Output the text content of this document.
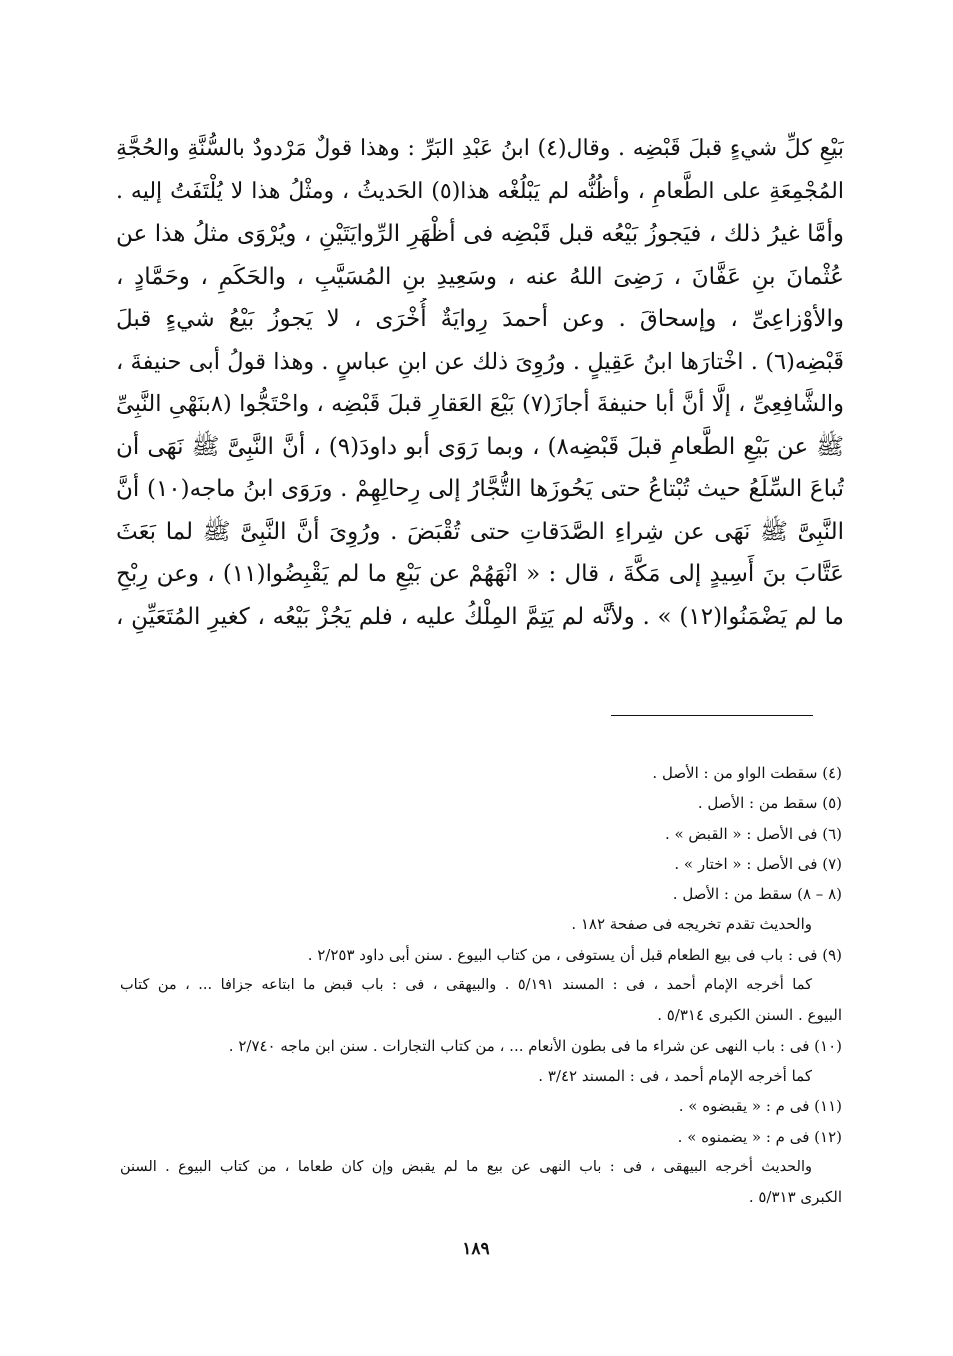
بَيْعِ كلِّ شيءٍ قبلَ قَبْضِه . وقال(٤) ابنُ عَبْدِ البَرِّ : وهذا قولٌ مَرْدودٌ بالسُّنَّةِ والحُجَّةِ
المُجْمِعَةِ على الطَّعامِ ، وأظُنُّه لم يَبْلُغْه هذا(٥) الحَديثُ ، ومثْلُ هذا لا يُلْتَفَتُ إليه .
وأمَّا غيرُ ذلك ، فيَجوزُ بَيْعُه قبل قَبْضِه فى أظْهَرِ الرِّوايَتَيْنِ ، ويُرْوَى مثلُ هذا عن
عُثْمانَ بنِ عَفَّانَ ، رَضِىَ اللهُ عنه ، وسَعِيدِ بنِ المُسَيَّبِ ، والحَكَمِ ، وحَمَّادٍ ،
والأوْزاعِىِّ ، وإسحاقَ . وعن أحمدَ رِوايَةٌ أُخْرَى ، لا يَجوزُ بَيْعُ شيءٍ قبلَ
قَبْضِه(٦) . اخْتارَها ابنُ عَقِيلٍ . ورُوِىَ ذلك عن ابنِ عباسٍ . وهذا قولُ أبى حنيفةَ ،
والشَّافِعِىِّ ، إلَّا أنَّ أبا حنيفةَ أجازَ(٧) بَيْعَ العَقارِ قبلَ قَبْضِه ، واحْتَجُّوا (٨بنَهْىِ النَّبِىِّ
ﷺ عن بَيْعِ الطَّعامِ قبلَ قَبْضِه٨) ، وبما رَوَى أبو داودَ(٩) ، أنَّ النَّبِىَّ ﷺ نَهَى أن
تُباعَ السِّلَعُ حيث تُبْتاعُ حتى يَحُوزَها التُّجَّارُ إلى رِحالِهِمْ . ورَوَى ابنُ ماجه(١٠) أنَّ
النَّبِىَّ ﷺ نَهَى عن شِراءِ الصَّدَقاتِ حتى تُقْبَضَ . ورُوِىَ أنَّ النَّبِىَّ ﷺ لما بَعَثَ
عَتَّابَ بنَ أَسِيدٍ إلى مَكَّةَ ، قال : « انْهَهُمْ عن بَيْعِ ما لم يَقْبِضُوا(١١) ، وعن رِبْحِ
ما لم يَضْمَنُوا(١٢) » . ولأنَّه لم يَتِمَّ المِلْكُ عليه ، فلم يَجُزْ بَيْعُه ، كغيرِ المُتَعَيِّنِ ،
(٤) سقطت الواو من : الأصل .
(٥) سقط من : الأصل .
(٦) فى الأصل : « القبض » .
(٧) فى الأصل : « اختار » .
(٨ – ٨) سقط من : الأصل .
والحديث تقدم تخريجه فى صفحة ١٨٢ .
(٩) فى : باب فى بيع الطعام قبل أن يستوفى ، من كتاب البيوع . سنن أبى داود ٢/٢٥٣ .
كما أخرجه الإمام أحمد ، فى : المسند ٥/١٩١ . والبيهقى ، فى : باب قبض ما ابتاعه جزافا ... ، من كتاب
البيوع . السنن الكبرى ٥/٣١٤ .
(١٠) فى : باب النهى عن شراء ما فى بطون الأنعام ... ، من كتاب التجارات . سنن ابن ماجه ٢/٧٤٠ .
كما أخرجه الإمام أحمد ، فى : المسند ٣/٤٢ .
(١١) فى م : « يقبضوه » .
(١٢) فى م : « يضمنوه » .
والحديث أخرجه البيهقى ، فى : باب النهى عن بيع ما لم يقبض وإن كان طعاما ، من كتاب البيوع . السنن
الكبرى ٥/٣١٣ .
١٨٩
